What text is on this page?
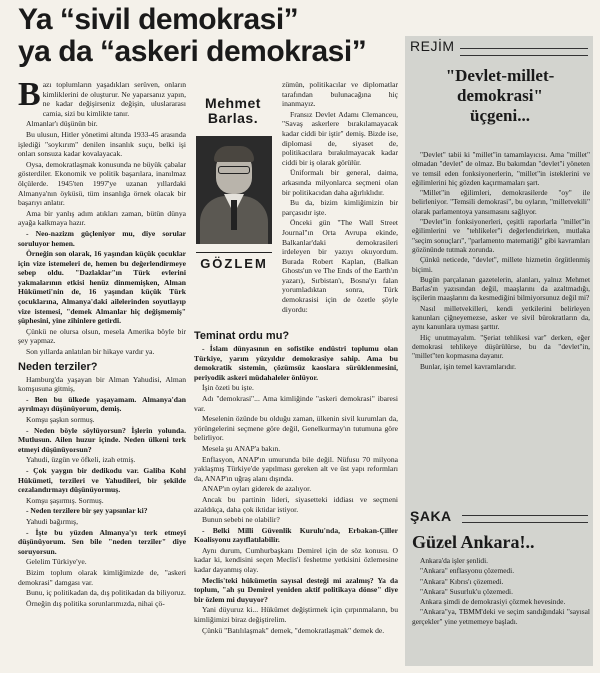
Ya “sivil demokrasi”
ya da “askeri demokrasi”
B azı toplumların yaşadıkları serüven, onların kimliklerini de oluşturur. Ne yaparsanız yapın, ne kadar değişirseniz değişin, uluslararası camia, sizi bu kimlikte tanır.

Almanlar'ı düşünün bir.

Bu ulusun, Hitler yönetimi altında 1933-45 arasında işlediği "soykırım" denilen insanlık suçu, belki işi onları sonsuza kadar kovalayacak.

Oysa, demokratlaşmak konusunda ne büyük çabalar gösterdiler. Ekonomik ve politik başarılara, inanılmaz ölçülerde. 1945'ten 1997'ye uzanan yıllardaki Almanya'nın öyküsü, tüm insanlığa örnek olacak bir başarıyı anlatır.

Ama bir yanlış adım atıkları zaman, bütün dünya ayağa kalkmaya hazır.

- Neo-nazizm güçleniyor mu, diye sorular soruluyor hemen.

Örneğin son olarak, 16 yaşından küçük çocuklar için vize istemeleri de, hemen bu değerlendirmeye sebep oldu. "Dazlaklar"ın Türk evlerini yakmalarının etkisi henüz dinmemişken, Alman Hükümeti'nin de, 16 yaşından küçük Türk çocuklarına, Almanya'daki ailelerinden soyutlayıp vize istemesi, "demek Almanlar hiç değişmemiş" şüphesini, yine zihinlere getirdi.

Çünkü ne olursa olsun, mesela Amerika böyle bir şey yapmaz.

Son yıllarda anlatılan bir hikaye vardır ya.

Neden terziler?

Hamburg'da yaşayan bir Alman Yahudisi, Alman komşusuna gitmiş,

- Ben bu ülkede yaşayamam. Almanya'dan ayrılmayı düşünüyorum, demiş.

Komşu şaşkın sormuş.

- Neden böyle söylüyorsun? İşlerin yolunda. Mutlusun. Ailen huzur içinde. Neden ülkeni terk etmeyi düşünüyorsun?

Yahudi, üzgün ve öfkeli, izah etmiş.

- Çok yaygın bir dedikodu var. Galiba Kohl Hükümeti, terzileri ve Yahudileri, bir şekilde cezalandırmayı düşünüyormuş.

Komşu şaşırmış. Sormuş.

- Neden terzilere bir şey yapsınlar ki?

Yahudi bağırmış,

- İşte bu yüzden Almanya'yı terk etmeyi düşünüyorum. Sen bile "neden terziler" diye soruyorsun.

Gelelim Türkiye'ye.

Bizim toplum olarak kimliğimizde de, "askeri demokrasi" damgası var.

Bunu, iç politikadan da, dış politikadan da biliyoruz.

Örneğin dış politika sorunlarımızda, nihai çö-

Mehmet
Barlas.
GÖZLEM

zümün, politikacılar ve diplomatlar tarafından bulunacağına hiç inanmayız.

Fransız Devlet Adamı Clemanceu, "Savaş askerlere bırakılamayacak kadar ciddi bir iştir" demiş. Bizde ise, diplomasi de, siyaset de, politikacılara bırakılmayacak kadar ciddi bir iş olarak görülür.

Üniformalı bir general, daima, arkasında milyonlarca seçmeni olan bir politikacıdan daha ağırlıklıdır.

Bu da, bizim kimliğimizin bir parçasıdır işte.

Önceki gün "The Wall Street Journal"ın Orta Avrupa ekinde, Balkanlar'daki demokrasileri irdeleyen bir yazıyı okuyordum. Burada Robert Kaplan, (Balkan Ghosts'un ve The Ends of the Earth'ın yazarı), Sırbistan'ı, Bosna'yı falan yorumladıktan sonra, Türk demokrasisi için de özetle şöyle diyordu:

Teminat ordu mu?

- İslam dünyasının en sofistike endüstri toplumu olan Türkiye, yarım yüzyıldır demokrasiye sahip. Ama bu demokratik sistemin, çözümsüz kaoslara sürüklenmesini, periyodik askeri müdahaleler önlüyor.

İşin özeti bu işte.

Adı "demokrasi"... Ama kimliğinde "askeri demokrasi" ibaresi var.

Meselenin özünde bu olduğu zaman, ülkenin sivil kurumları da, yörüngelerini seçmene göre değil, Genelkurmay'ın tutumuna göre belirliyor.

Mesela şu ANAP'a bakın.

Enflasyon, ANAP'ın umurunda bile değil. Nüfusu 70 milyona yaklaşmış Türkiye'de yapılması gereken alt ve üst yapı reformları da, ANAP'ın uğraş alanı dışında.

ANAP'ın oyları giderek de azalıyor.

Ancak bu partinin lideri, siyasetteki iddiası ve seçmeni azaldıkça, daha çok iktidar istiyor.

Bunun sebebi ne olabilir?

- Belki Milli Güvenlik Kurulu'nda, Erbakan-Çiller Koalisyonu zayıflatılabilir.

Aynı durum, Cumhurbaşkanı Demirel için de söz konusu. O kadar ki, kendisini seçen Meclis'i feshetme yetkisini özlemesine kadar dayanmış olay.

Meclis'teki hükümetin sayısal desteği mi azalmış? Ya da toplum, "ah şu Demirel yeniden aktif politikaya dönse" diye bir özlem mi duyuyor?

Yani düyuruz ki... Hükümet değiştirmek için çırpınmaların, bu kimliğimizi biraz değiştirelim.

Çünkü "Batılılaşmak" demek, "demokratlaşmak" demek de.

REJİM
"Devlet-millet-
demokrasi"
üçgeni...

"Devlet" tabii ki "millet"in tamamlayıcısı. Ama "millet" olmadan "devlet" de olmaz. Bu bakımdan "devlet"i yöneten ve temsil eden fonksiyonerlerin, "millet"in isteklerini ve eğilimlerini hiç gözden kaçırmamaları şart.

"Millet"in eğilimleri, demokrasilerde "oy" ile belirleniyor. "Temsili demokrasi", bu oyların, "milletvekili" olarak parlamentoya yansımasını sağlıyor.

"Devlet"in fonksiyonerleri, çeşitli raporlarla "millet"in eğilimlerini ve "tehlikeler"i değerlendirirken, mutlaka "seçim sonuçları", "parlamento matematiği" gibi kavramları gözönünde tutmak zorunda.

Çünkü neticede, "devlet", millete hizmetin örgütlenmiş biçimi.

Bugün parçalanan gazetelerin, alanları, yalnız Mehmet Barlas'ın yazısından değil, maaşlarını da azaltmadığı, işçilerin maaşlarını da kesmediğini bilmiyorsunuz değil mi?

Nasıl milletvekilleri, kendi yetkilerini belirleyen kanunları çiğneyemezse, asker ve sivil bürokratların da, aynı kanunlara uyması şarttır.

Hiç unutmayalım. "Şeriat tehlikesi var" derken, eğer demokrasi tehlikeye düşürülürse, bu da "devlet"in, "millet"ten kopmasına dayanır.

Bunlar, işin temel kavramlarıdır.

ŞAKA
Güzel Ankara!..

Ankara'da işler şenlidi.

"Ankara" enflasyonu çözemedi.

"Ankara" Kıbrıs'ı çözemedi.

"Ankara" Susurluk'u çözemedi.

Ankara şimdi de demokrasiyi çözmek hevesinde.

"Ankara"ya, TBMM'deki ve seçim sandığındaki "sayısal gerçekler" yine yetmemeye başladı.
